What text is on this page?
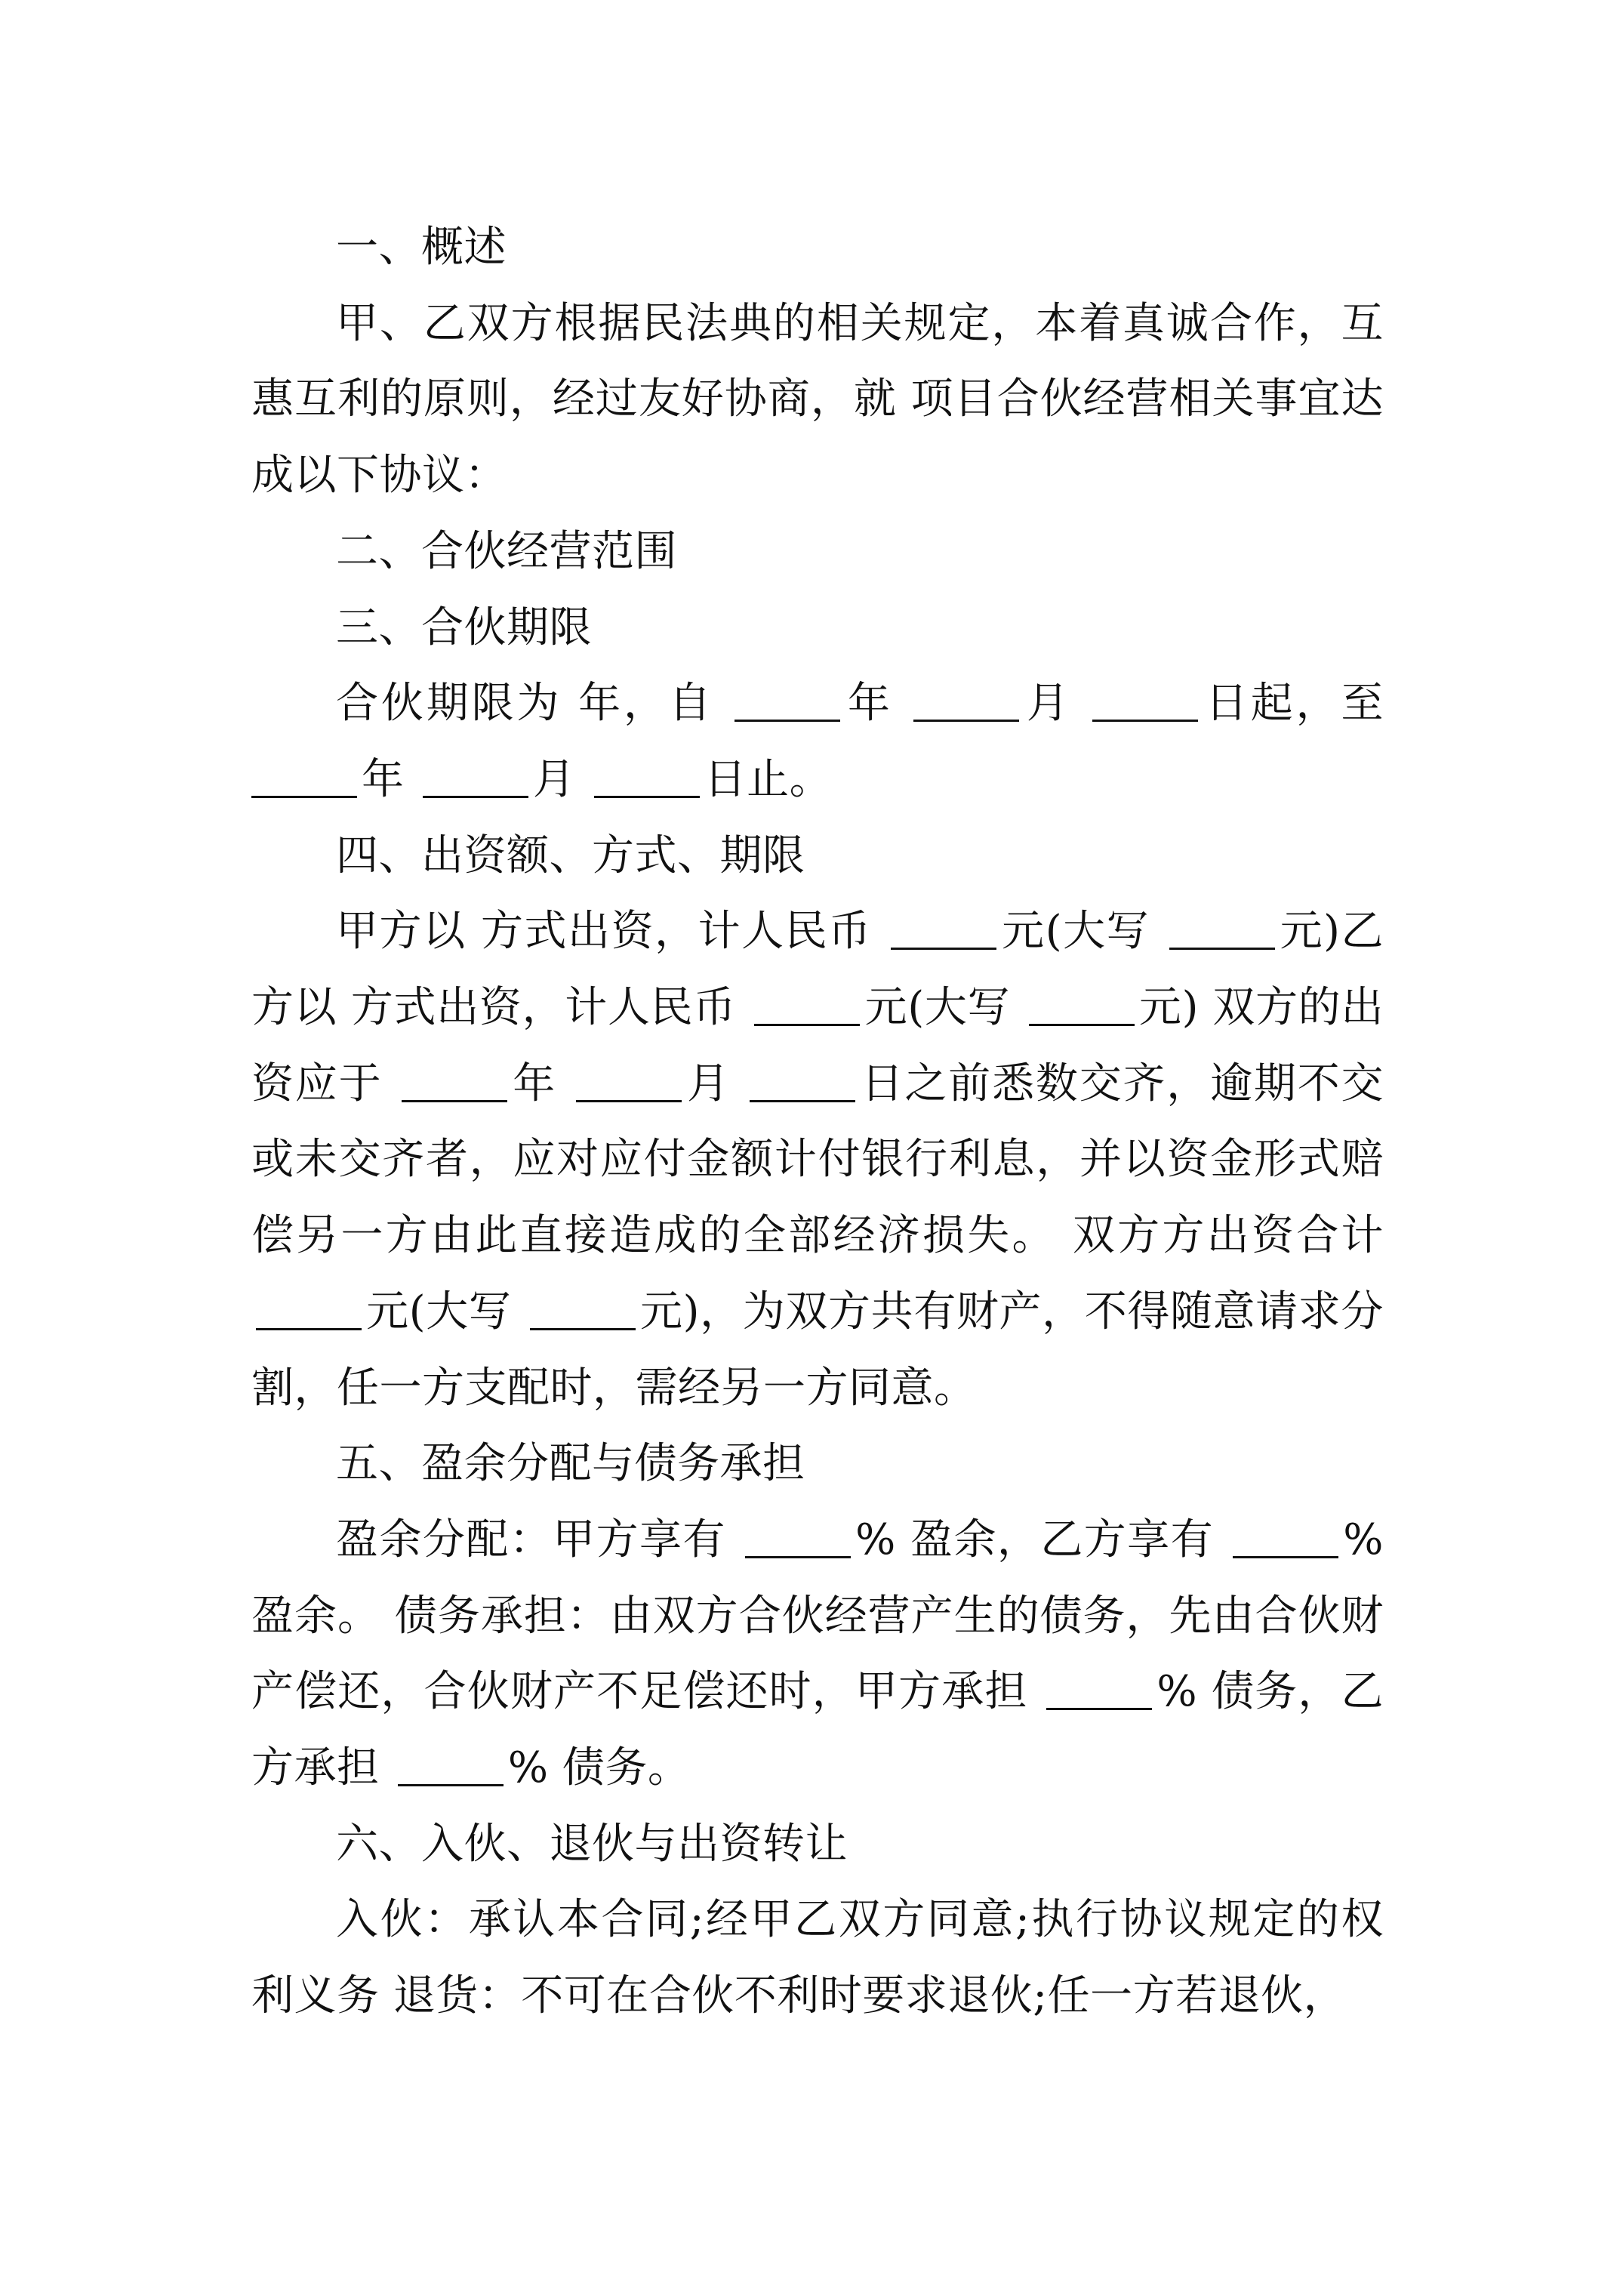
一、概述

甲、乙双方根据民法典的相关规定，本着真诚合作，互惠互利的原则，经过友好协商，就 项目合伙经营相关事宜达成以下协议：

二、合伙经营范围

三、合伙期限

合伙期限为 年，自	年	月	日起，至年	月	日止。

四、出资额、方式、期限

甲方以 方式出资，计人民币	元(大写	元)乙方以 方式出资，计人民币	元(大写	元) 双方的出资应于	年	月	日之前悉数交齐，逾期不交或未交齐者，应对应付金额计付银行利息，并以资金形式赔偿另一方由此直接造成的全部经济损失。 双方方出资合计 元(大写	元)，为双方共有财产，不得随意请求分割，任一方支配时，需经另一方同意。

五、盈余分配与债务承担

盈余分配：甲方享有	% 盈余，乙方享有	% 盈余。 债务承担：由双方合伙经营产生的债务，先由合伙财产偿还，合伙财产不足偿还时，甲方承担	% 债务，乙方承担	% 债务。

六、入伙、退伙与出资转让

入伙：承认本合同;经甲乙双方同意;执行协议规定的权利义务 退货：不可在合伙不利时要求退伙;任一方若退伙，
